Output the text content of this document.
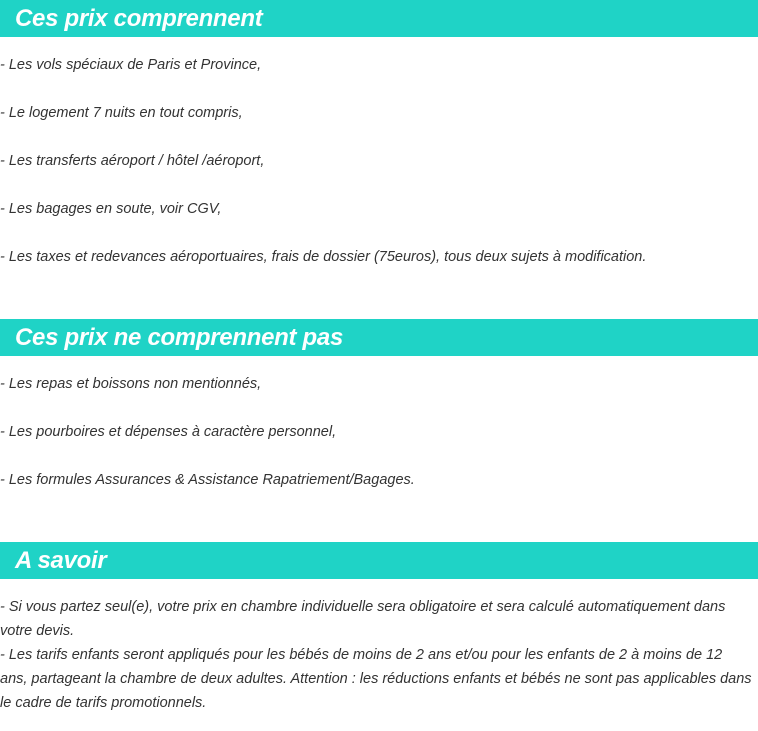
Ces prix comprennent
- Les vols spéciaux de Paris et Province,
- Le logement 7 nuits en tout compris,
- Les transferts aéroport / hôtel /aéroport,
- Les bagages en soute, voir CGV,
- Les taxes et redevances aéroportuaires, frais de dossier (75euros), tous deux sujets à modification.
Ces prix ne comprennent pas
- Les repas et boissons non mentionnés,
- Les pourboires et dépenses à caractère personnel,
- Les formules Assurances & Assistance Rapatriement/Bagages.
A savoir
- Si vous partez seul(e), votre prix en chambre individuelle sera obligatoire et sera calculé automatiquement dans votre devis.
- Les tarifs enfants seront appliqués pour les bébés de moins de 2 ans et/ou pour les enfants de 2 à moins de 12 ans, partageant la chambre de deux adultes. Attention : les réductions enfants et bébés ne sont pas applicables dans le cadre de tarifs promotionnels.
